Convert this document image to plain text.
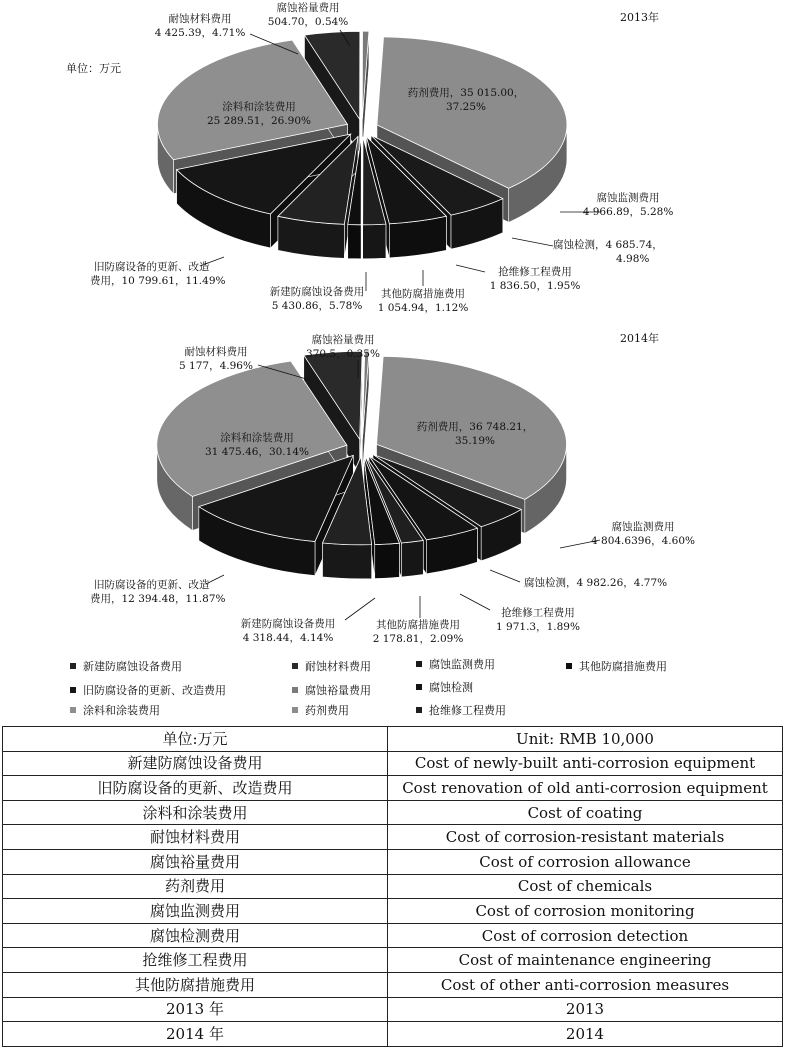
2013年
单位：万元
药剂费用，35 015.00，
37.25%
腐蚀监测费用
4 966.89，5.28%
腐蚀检测，4 685.74，
4.98%
抢维修工程费用
1 836.50，1.95%
其他防腐措施费用
1 054.94，1.12%
新建防腐蚀设备费用
5 430.86，5.78%
旧防腐设备的更新、改造
费用，10 799.61，11.49%
涂料和涂装费用
25 289.51，26.90%
耐蚀材料费用
4 425.39，4.71%
腐蚀裕量费用
504.70，0.54%
2014年
药剂费用，36 748.21，
35.19%
腐蚀监测费用
4 804.6396，4.60%
腐蚀检测，4 982.26，4.77%
抢维修工程费用
1 971.3，1.89%
其他防腐措施费用
2 178.81，2.09%
新建防腐蚀设备费用
4 318.44，4.14%
旧防腐设备的更新、改造
费用，12 394.48，11.87%
涂料和涂装费用
31 475.46，30.14%
耐蚀材料费用
5 177，4.96%
腐蚀裕量费用
370.5，0.35%
新建防腐蚀设备费用	耐蚀材料费用	腐蚀监测费用	其他防腐措施费用
旧防腐设备的更新、改造费用	腐蚀裕量费用	腐蚀检测
涂料和涂装费用	药剂费用	抢维修工程费用
单位:万元	Unit: RMB 10,000
新建防腐蚀设备费用	Cost of newly-built anti-corrosion equipment
旧防腐设备的更新、改造费用	Cost renovation of old anti-corrosion equipment
涂料和涂装费用	Cost of coating
耐蚀材料费用	Cost of corrosion-resistant materials
腐蚀裕量费用	Cost of corrosion allowance
药剂费用	Cost of chemicals
腐蚀监测费用	Cost of corrosion monitoring
腐蚀检测费用	Cost of corrosion detection
抢维修工程费用	Cost of maintenance engineering
其他防腐措施费用	Cost of other anti-corrosion measures
2013 年	2013
2014 年	2014
